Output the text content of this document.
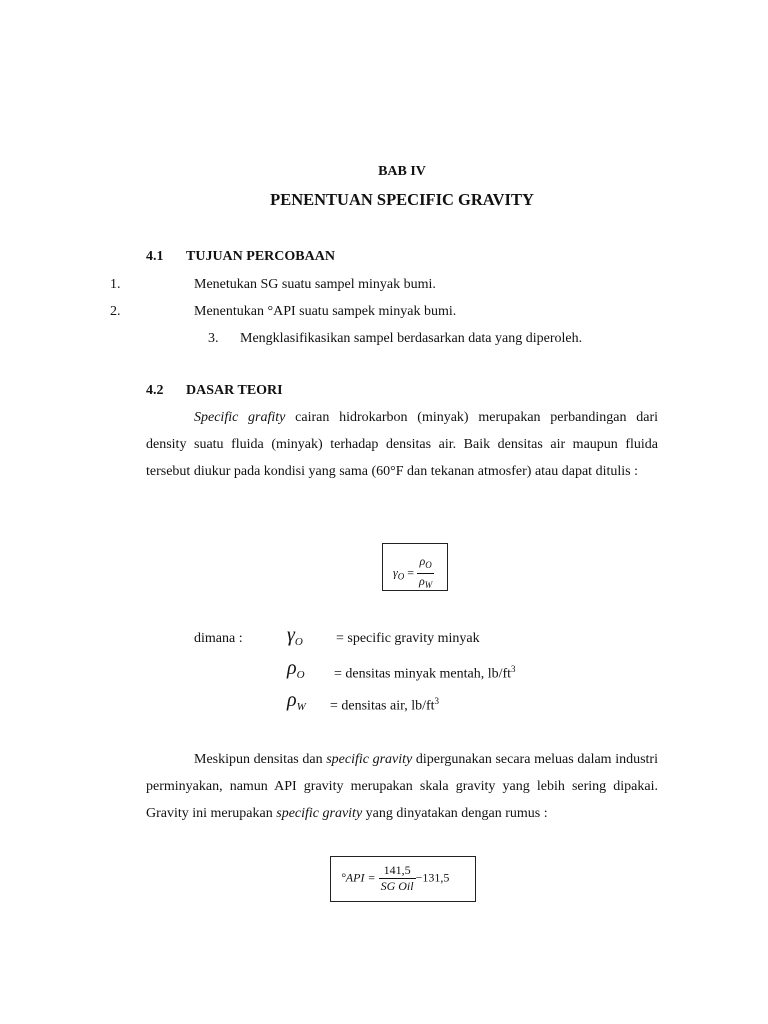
BAB IV
PENENTUAN SPECIFIC GRAVITY
4.1 TUJUAN PERCOBAAN
1.	Menetukan SG suatu sampel minyak bumi.
2.	Menentukan °API suatu sampek minyak bumi.
3. Mengklasifikasikan sampel berdasarkan data yang diperoleh.
4.2 DASAR TEORI
Specific grafity cairan hidrokarbon (minyak) merupakan perbandingan dari density suatu fluida (minyak) terhadap densitas air. Baik densitas air maupun fluida tersebut diukur pada kondisi yang sama (60°F dan tekanan atmosfer) atau dapat ditulis :
$\gamma_O = \frac{\rho_O}{\rho_W}$
dimana : $\gamma_O$ = specific gravity minyak
$\rho_O$ = densitas minyak mentah, $lb/ft^3$
$\rho_W$ = densitas air, $lb/ft^3$
Meskipun densitas dan specific gravity dipergunakan secara meluas dalam industri perminyakan, namun API gravity merupakan skala gravity yang lebih sering dipakai. Gravity ini merupakan specific gravity yang dinyatakan dengan rumus :
$^\circ API = \frac{141,5}{\text{SG Oil}} -131,5$
